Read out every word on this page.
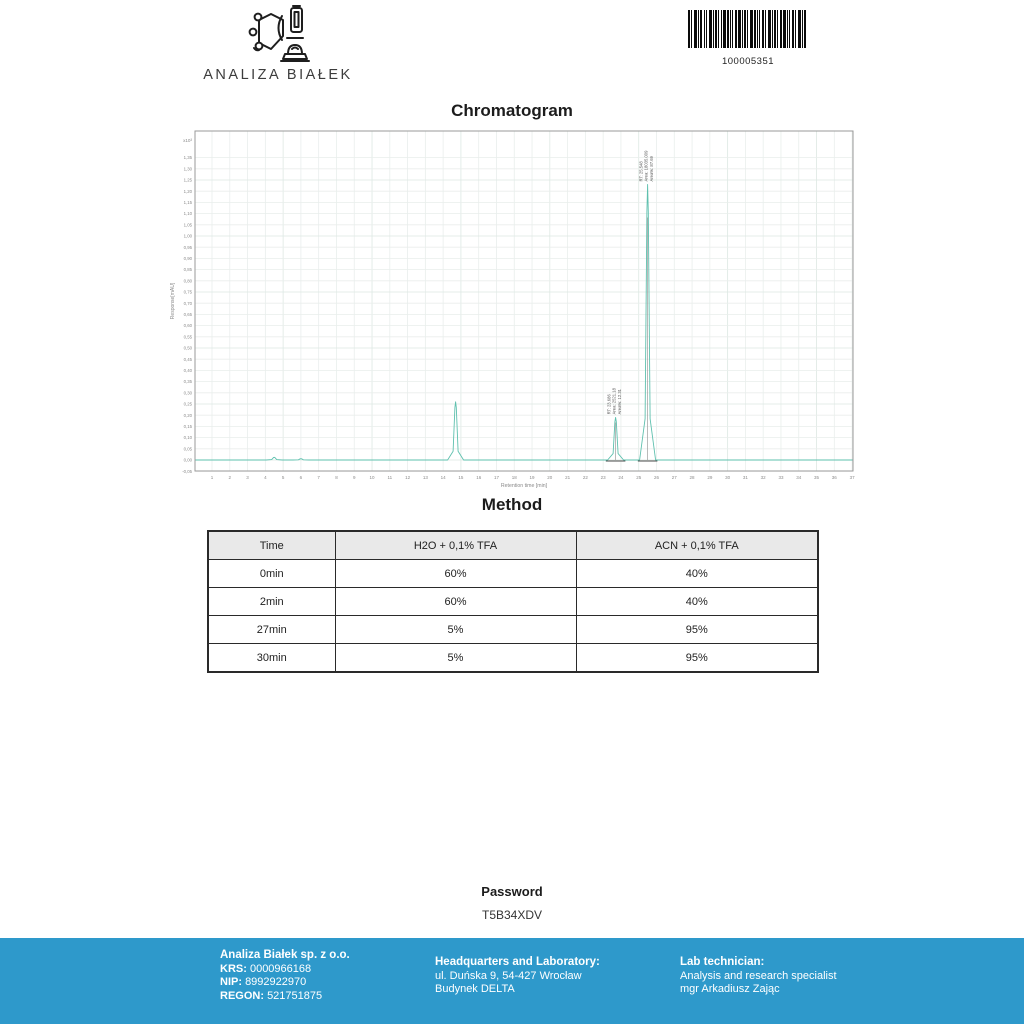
ANALIZA BIAŁEK
100005351
Chromatogram
-0,05
0,00
0,05
0,10
0,15
0,20
0,25
0,30
0,35
0,40
0,45
0,50
0,55
0,60
0,65
0,70
0,75
0,80
0,85
0,90
0,95
1,00
1,05
1,10
1,15
1,20
1,25
1,30
1,35
1	2	3	4	5	6	7	8	9	10	11	12	13	14	15	16	17	18	19	20	21	22	23	24	25	26	27	28	29	30	31	32	33	34	35	36	37
Retention time [min]
Response[mAU]
x10³
RT: 23.686 Area: 2521.18 Area%: 12.31
RT: 25.548 Area: 18035.009 Area%: 87.69
Method
Time	H2O + 0,1% TFA	ACN + 0,1% TFA
0min	60%	40%
2min	60%	40%
27min	5%	95%
30min	5%	95%
Password
T5B34XDV
Analiza Białek sp. z o.o.
KRS: 0000966168
NIP: 8992922970
REGON: 521751875
Headquarters and Laboratory:
ul. Duńska 9, 54-427 Wrocław
Budynek DELTA
Lab technician:
Analysis and research specialist
mgr Arkadiusz Zając
